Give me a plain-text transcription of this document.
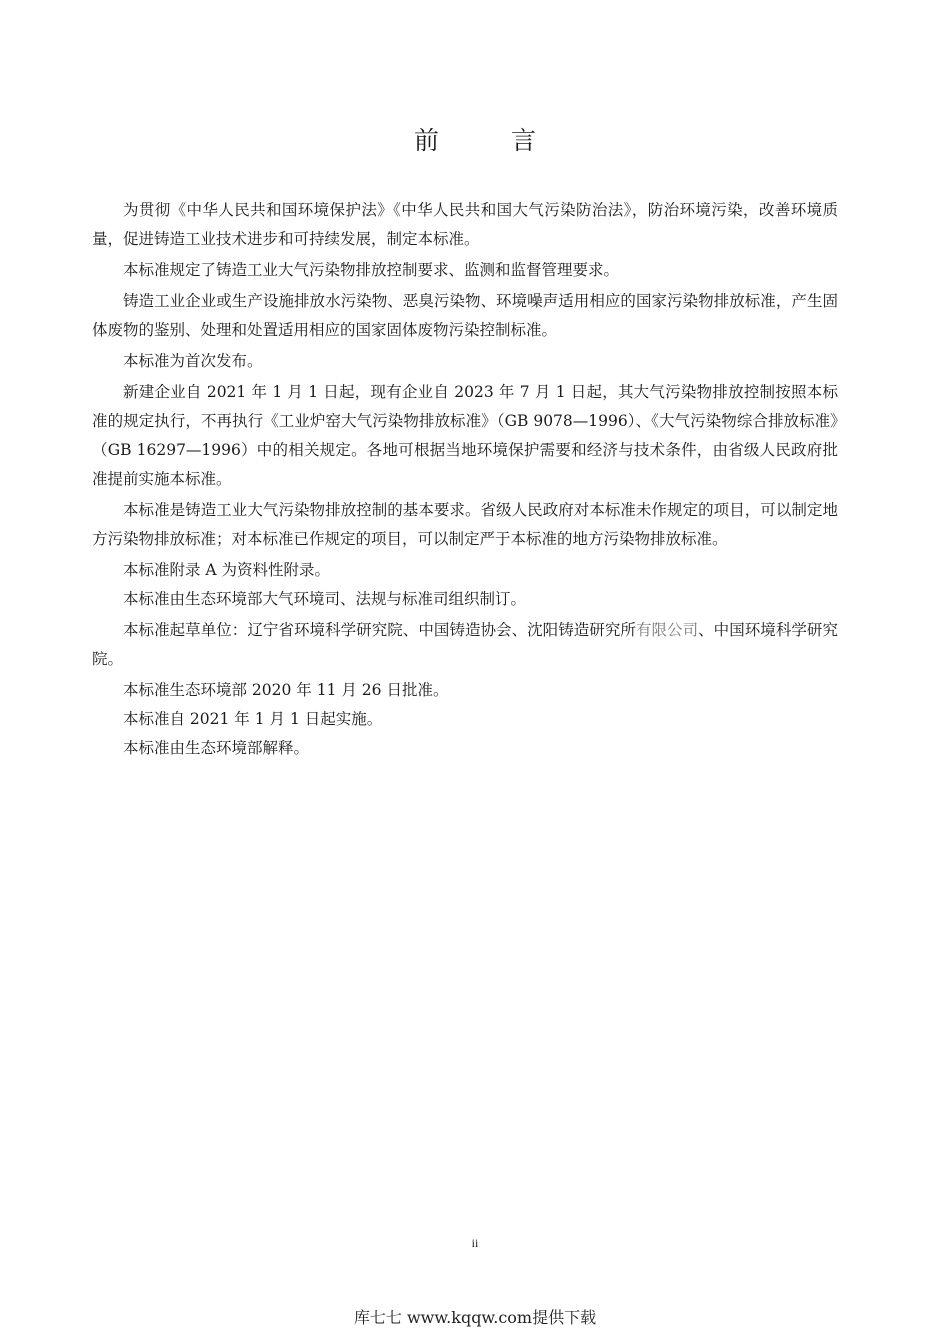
前 言

为贯彻《中华人民共和国环境保护法》《中华人民共和国大气污染防治法》，防治环境污染，改善环境质量，促进铸造工业技术进步和可持续发展，制定本标准。

本标准规定了铸造工业大气污染物排放控制要求、监测和监督管理要求。

铸造工业企业或生产设施排放水污染物、恶臭污染物、环境噪声适用相应的国家污染物排放标准，产生固体废物的鉴别、处理和处置适用相应的国家固体废物污染控制标准。

本标准为首次发布。

新建企业自 2021 年 1 月 1 日起，现有企业自 2023 年 7 月 1 日起，其大气污染物排放控制按照本标准的规定执行，不再执行《工业炉窑大气污染物排放标准》（GB 9078—1996）、《大气污染物综合排放标准》（GB 16297—1996）中的相关规定。各地可根据当地环境保护需要和经济与技术条件，由省级人民政府批准提前实施本标准。

本标准是铸造工业大气污染物排放控制的基本要求。省级人民政府对本标准未作规定的项目，可以制定地方污染物排放标准；对本标准已作规定的项目，可以制定严于本标准的地方污染物排放标准。

本标准附录 A 为资料性附录。

本标准由生态环境部大气环境司、法规与标准司组织制订。

本标准起草单位：辽宁省环境科学研究院、中国铸造协会、沈阳铸造研究所有限公司、中国环境科学研究院。

本标准生态环境部 2020 年 11 月 26 日批准。

本标准自 2021 年 1 月 1 日起实施。

本标准由生态环境部解释。

ii
库七七 www.kqqw.com提供下载
